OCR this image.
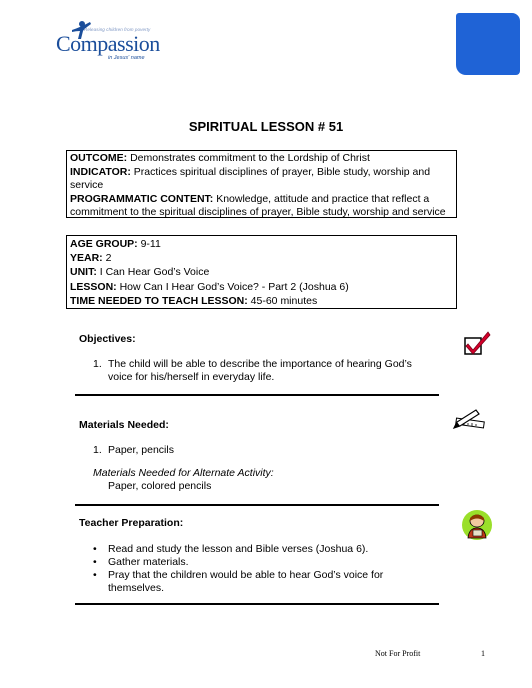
Releasing children from poverty
Compassion
in Jesus' name
SPIRITUAL LESSON # 51
OUTCOME: Demonstrates commitment to the Lordship of Christ
INDICATOR: Practices spiritual disciplines of prayer, Bible study, worship and service
PROGRAMMATIC CONTENT: Knowledge, attitude and practice that reflect a commitment to the spiritual disciplines of prayer, Bible study, worship and service
AGE GROUP: 9-11
YEAR: 2
UNIT: I Can Hear God’s Voice
LESSON: How Can I Hear God’s Voice? - Part 2 (Joshua 6)
TIME NEEDED TO TEACH LESSON: 45-60 minutes
Objectives:
1. The child will be able to describe the importance of hearing God’s voice for his/herself in everyday life.
Materials Needed:
1. Paper, pencils
Materials Needed for Alternate Activity:
Paper, colored pencils
Teacher Preparation:
• Read and study the lesson and Bible verses (Joshua 6).
• Gather materials.
• Pray that the children would be able to hear God’s voice for themselves.
Not For Profit	1
